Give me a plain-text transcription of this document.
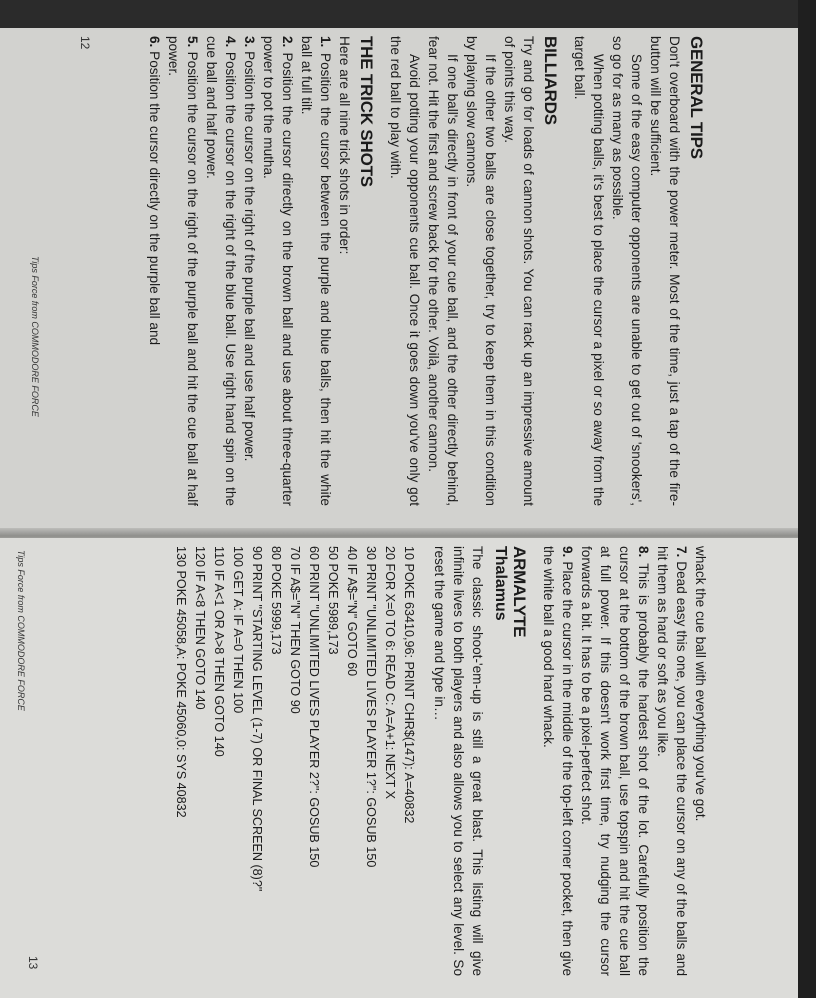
GENERAL TIPS

Don't overboard with the power meter. Most of the time, just a tap of the fire-button will be sufficient.

Some of the easy computer opponents are unable to get out of 'snookers', so go for as many as possible.

When potting balls, it's best to place the cursor a pixel or so away from the target ball.

BILLIARDS

Try and go for loads of cannon shots. You can rack up an impressive amount of points this way.

If the other two balls are close together, try to keep them in this condition by playing slow cannons.

If one ball's directly in front of your cue ball, and the other directly behind, fear not. Hit the first and screw back for the other. Voilà, another cannon.

Avoid potting your opponents cue ball. Once it goes down you've only got the red ball to play with.

THE TRICK SHOTS

Here are all nine trick shots in order:

1. Position the cursor between the purple and blue balls, then hit the white ball at full tilt.

2. Position the cursor directly on the brown ball and use about three-quarter power to pot the mutha.

3. Position the cursor on the right of the purple ball and use half power.

4. Position the cursor on the right of the blue ball. Use right hand spin on the cue ball and half power.

5. Position the cursor on the right of the purple ball and hit the cue ball at half power.

6. Position the cursor directly on the purple ball and

12
Tips Force from COMMODORE FORCE

whack the cue ball with everything you've got.

7. Dead easy this one, you can place the cursor on any of the balls and hit them as hard or soft as you like.

8. This is probably the hardest shot of the lot. Carefully position the cursor at the bottom of the brown ball, use topspin and hit the cue ball at full power. If this doesn't work first time, try nudging the cursor forwards a bit. It has to be a pixel-perfect shot.

9. Place the cursor in the middle of the top-left corner pocket, then give the white ball a good hard whack.

ARMALYTE
Thalamus

The classic shoot-'em-up is still a great blast. This listing will give infinite lives to both players and also allows you to select any level. So reset the game and type in…

10 POKE 63410,96: PRINT CHR$(147): A=40832

20 FOR X=0 TO 6: READ C: A=A+1: NEXT X

30 PRINT "UNLIMITED LIVES PLAYER 1?": GOSUB 150

40 IF A$="N" GOTO 60

50 POKE 5989,173

60 PRINT "UNLIMITED LIVES PLAYER 2?": GOSUB 150

70 IF A$="N" THEN GOTO 90

80 POKE 5999,173

90 PRINT "STARTING LEVEL (1-7) OR FINAL SCREEN (8)?"

100 GET A: IF A=0 THEN 100

110 IF A<1 OR A>8 THEN GOTO 140

120 IF A<8 THEN GOTO 140

130 POKE 45058,A: POKE 45060,0: SYS 40832

Tips Force from COMMODORE FORCE
13
